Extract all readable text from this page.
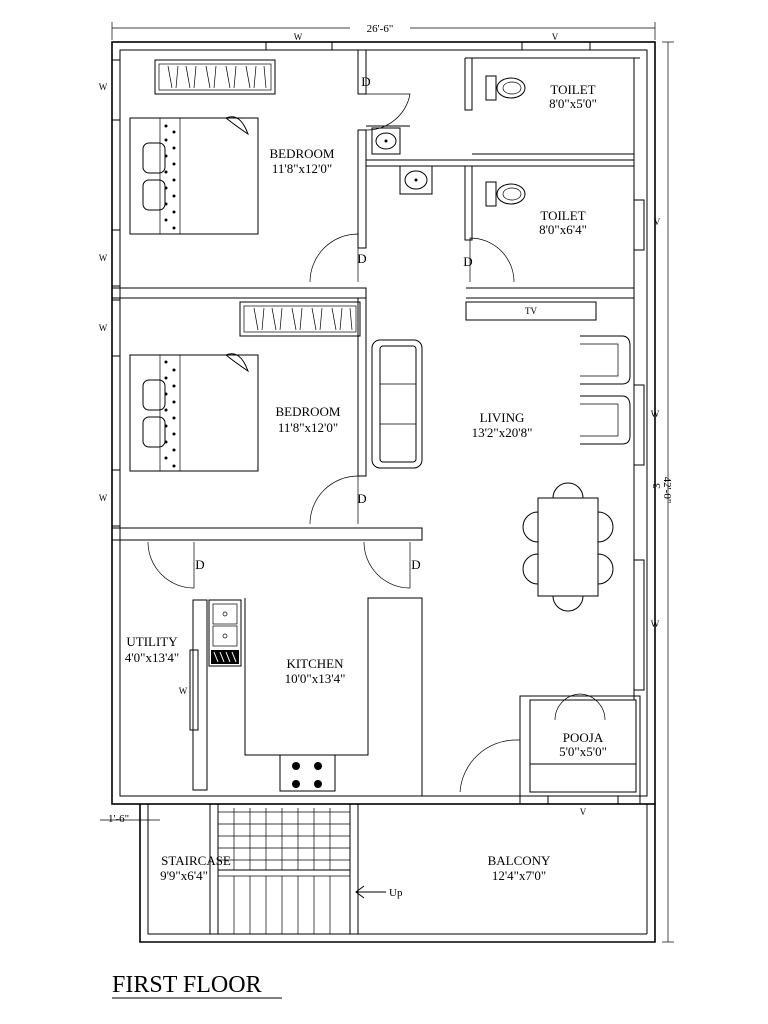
26'-6"
3
42'-0"
1'-6"
Up
BEDROOM
11'8"x12'0"
BEDROOM
11'8"x12'0"
TOILET
8'0"x5'0"
TOILET
8'0"x6'4"
LIVING
13'2"x20'8"
UTILITY
4'0"x13'4"	KITCHEN
10'0"x13'4"
POOJA
5'0"x5'0"
STAIRCASE
9'9"x6'4"
BALCONY
12'4"x7'0"
D
D	D
D
D	D
W	V
W
W
W
W
V
W
W
W
V
TV
FIRST FLOOR
